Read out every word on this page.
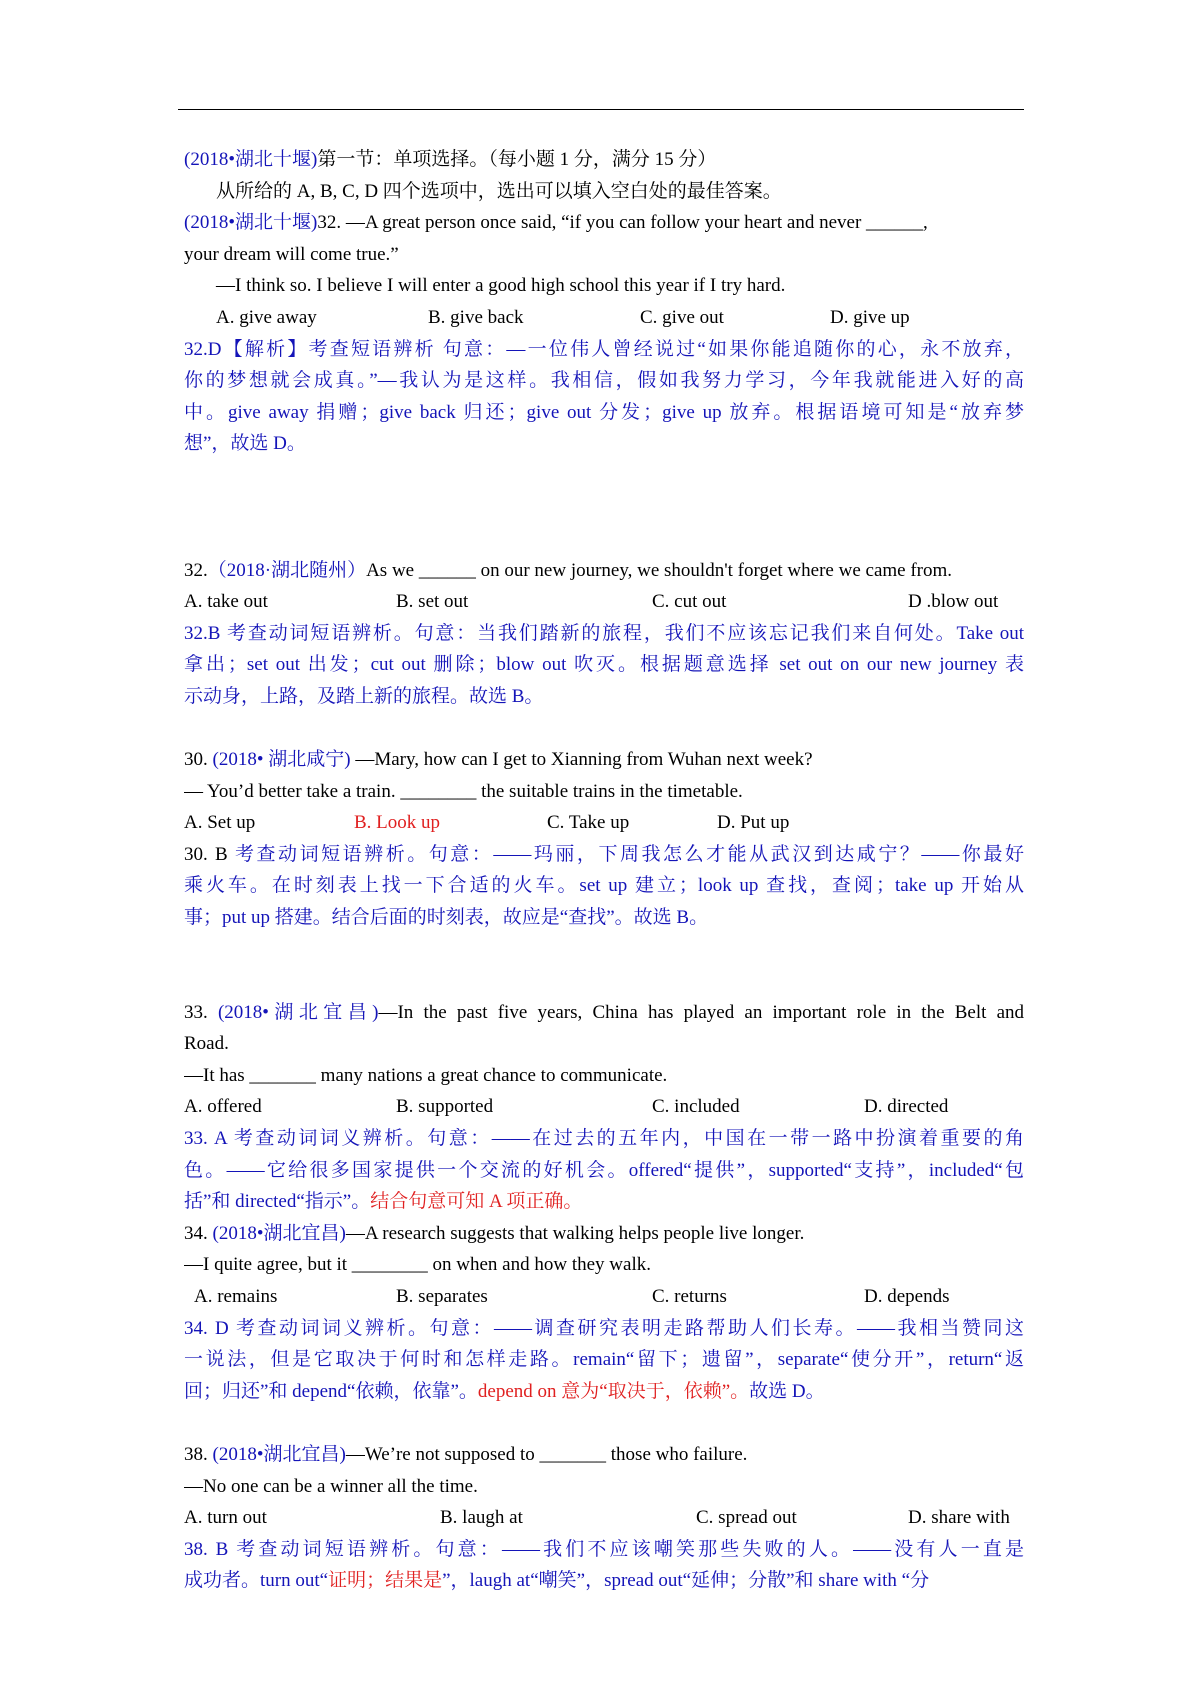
(2018•湖北十堰)第一节：单项选择。（每小题 1 分，满分 15 分）
从所给的 A, B, C, D 四个选项中，选出可以填入空白处的最佳答案。
(2018•湖北十堰)32. —A great person once said, “if you can follow your heart and never ______,
your dream will come true.”
—I think so. I believe I will enter a good high school this year if I try hard.
A. give away	B. give back	C. give out	D. give up
32.D【解析】考查短语辨析 句意：—一位伟人曾经说过“如果你能追随你的心，永不放弃，
你的梦想就会成真。”—我认为是这样。我相信，假如我努力学习，今年我就能进入好的高
中。give away 捐赠；give back 归还；give out 分发；give up 放弃。根据语境可知是“放弃梦
想”，故选 D。
32.（2018·湖北随州）As we ______ on our new journey, we shouldn't forget where we came from.
A. take out	B. set out	C. cut out	D .blow out
32.B 考查动词短语辨析。句意：当我们踏新的旅程，我们不应该忘记我们来自何处。Take out
拿出；set out 出发；cut out 删除；blow out 吹灭。根据题意选择 set out on our new journey 表
示动身，上路，及踏上新的旅程。故选 B。
30. (2018• 湖北咸宁) —Mary, how can I get to Xianning from Wuhan next week?
— You’d better take a train. ________ the suitable trains in the timetable.
A. Set up	B. Look up	C. Take up	D. Put up
30. B 考查动词短语辨析。句意：——玛丽，下周我怎么才能从武汉到达咸宁？——你最好
乘火车。在时刻表上找一下合适的火车。set up 建立；look up 查找，查阅；take up 开始从
事；put up 搭建。结合后面的时刻表，故应是“查找”。故选 B。
33. (2018•湖北宜昌)—In the past five years, China has played an important role in the Belt and
Road.
—It has _______ many nations a great chance to communicate.
A. offered	B. supported	C. included	D. directed
33. A 考查动词词义辨析。句意：——在过去的五年内，中国在一带一路中扮演着重要的角
色。——它给很多国家提供一个交流的好机会。offered“提供”，supported“支持”，included“包
括”和 directed“指示”。结合句意可知 A 项正确。
34. (2018•湖北宜昌)—A research suggests that walking helps people live longer.
—I quite agree, but it ________ on when and how they walk.
A. remains	B. separates	C. returns	D. depends
34. D 考查动词词义辨析。句意：——调查研究表明走路帮助人们长寿。——我相当赞同这
一说法，但是它取决于何时和怎样走路。remain“留下；遗留”，separate“使分开”，return“返
回；归还”和 depend“依赖，依靠”。depend on 意为“取决于，依赖”。故选 D。
38. (2018•湖北宜昌)—We’re not supposed to _______ those who failure.
—No one can be a winner all the time.
A. turn out	B. laugh at	C. spread out	D. share with
38. B 考查动词短语辨析。句意：——我们不应该嘲笑那些失败的人。——没有人一直是
成功者。turn out“证明；结果是”，laugh at“嘲笑”，spread out“延伸；分散”和 share with “分
